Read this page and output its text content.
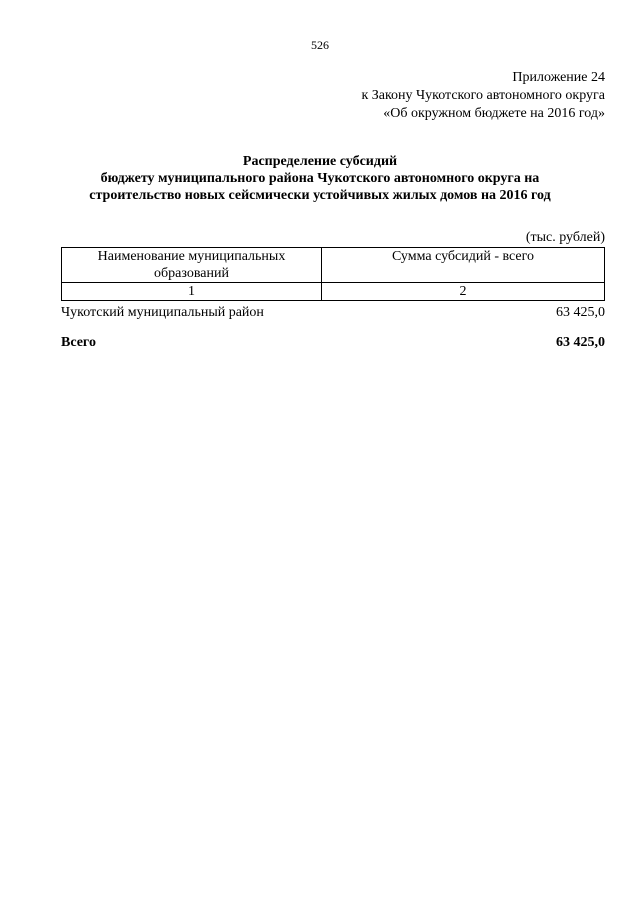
526
Приложение 24
к Закону Чукотского автономного округа
«Об окружном бюджете на 2016 год»
Распределение субсидий
бюджету муниципального района Чукотского автономного округа на
строительство новых сейсмически устойчивых жилых домов на 2016 год
(тыс. рублей)
Наименование муниципальных образований	Сумма субсидий - всего
1	2
Чукотский муниципальный район	63 425,0
Всего	63 425,0
